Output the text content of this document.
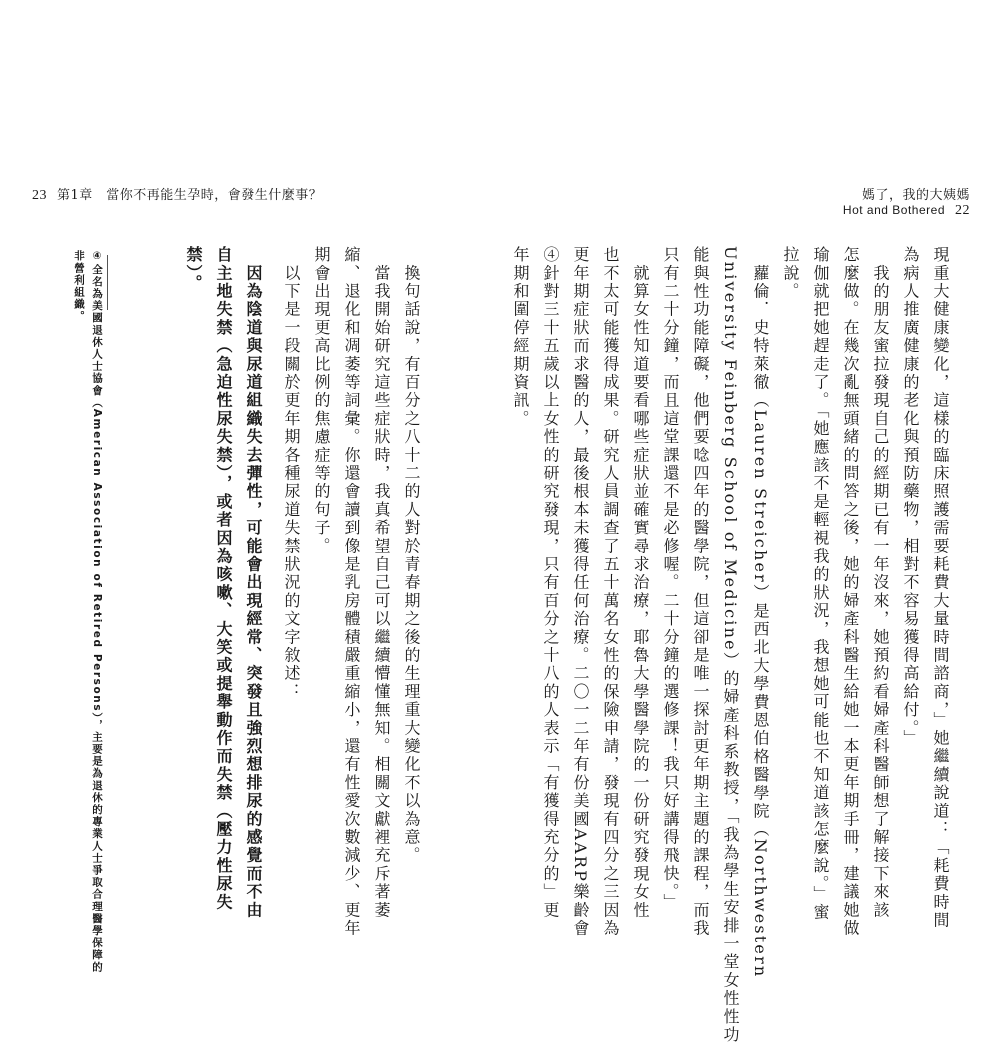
23 第1章　當你不再能生孕時，會發生什麼事？	媽了，我的大姨媽
Hot and Bothered 22
現重大健康變化，這樣的臨床照護需要耗費大量時間諮商，」她繼續說道：「耗費時間
為病人推廣健康的老化與預防藥物，相對不容易獲得高給付。」
　我的朋友蜜拉發現自己的經期已有一年沒來，她預約看婦產科醫師想了解接下來該
怎麼做。在幾次亂無頭緒的問答之後，她的婦產科醫生給她一本更年期手冊，建議她做
瑜伽就把她趕走了。「她應該不是輕視我的狀況，我想她可能也不知道該怎麼說。」蜜
拉說。
　蘿倫．史特萊徹（Lauren Streicher）是西北大學費恩伯格醫學院（Northwestern
University Feinberg School of Medicine）的婦產科系教授，「我為學生安排一堂女性性功
能與性功能障礙，他們要唸四年的醫學院，但這卻是唯一探討更年期主題的課程，而我
只有二十分鐘，而且這堂課還不是必修喔。二十分鐘的選修課！我只好講得飛快。」
　就算女性知道要看哪些症狀並確實尋求治療，耶魯大學醫學院的一份研究發現女性
也不太可能獲得成果。研究人員調查了五十萬名女性的保險申請，發現有四分之三因為
更年期症狀而求醫的人，最後根本未獲得任何治療。二〇一二年有份美國AARP樂齡會
④針對三十五歲以上女性的研究發現，只有百分之十八的人表示「有獲得充分的」更
年期和圍停經期資訊。
　換句話說，有百分之八十二的人對於青春期之後的生理重大變化不以為意。
　當我開始研究這些症狀時，我真希望自己可以繼續懵懂無知。相關文獻裡充斥著萎
縮、退化和凋萎等詞彙。你還會讀到像是乳房體積嚴重縮小，還有性愛次數減少、更年
期會出現更高比例的焦慮症等的句子。
　以下是一段關於更年期各種尿道失禁狀況的文字敘述：
　因為陰道與尿道組織失去彈性，可能會出現經常、突發且強烈想排尿的感覺而不由
自主地失禁（急迫性尿失禁），或者因為咳嗽、大笑或提舉動作而失禁（壓力性尿失
禁）。
④全名為美國退休人士協會（American Association of Retired Persons），主要是為退休的專業人士爭取合理醫學保障的
非營利組織。
